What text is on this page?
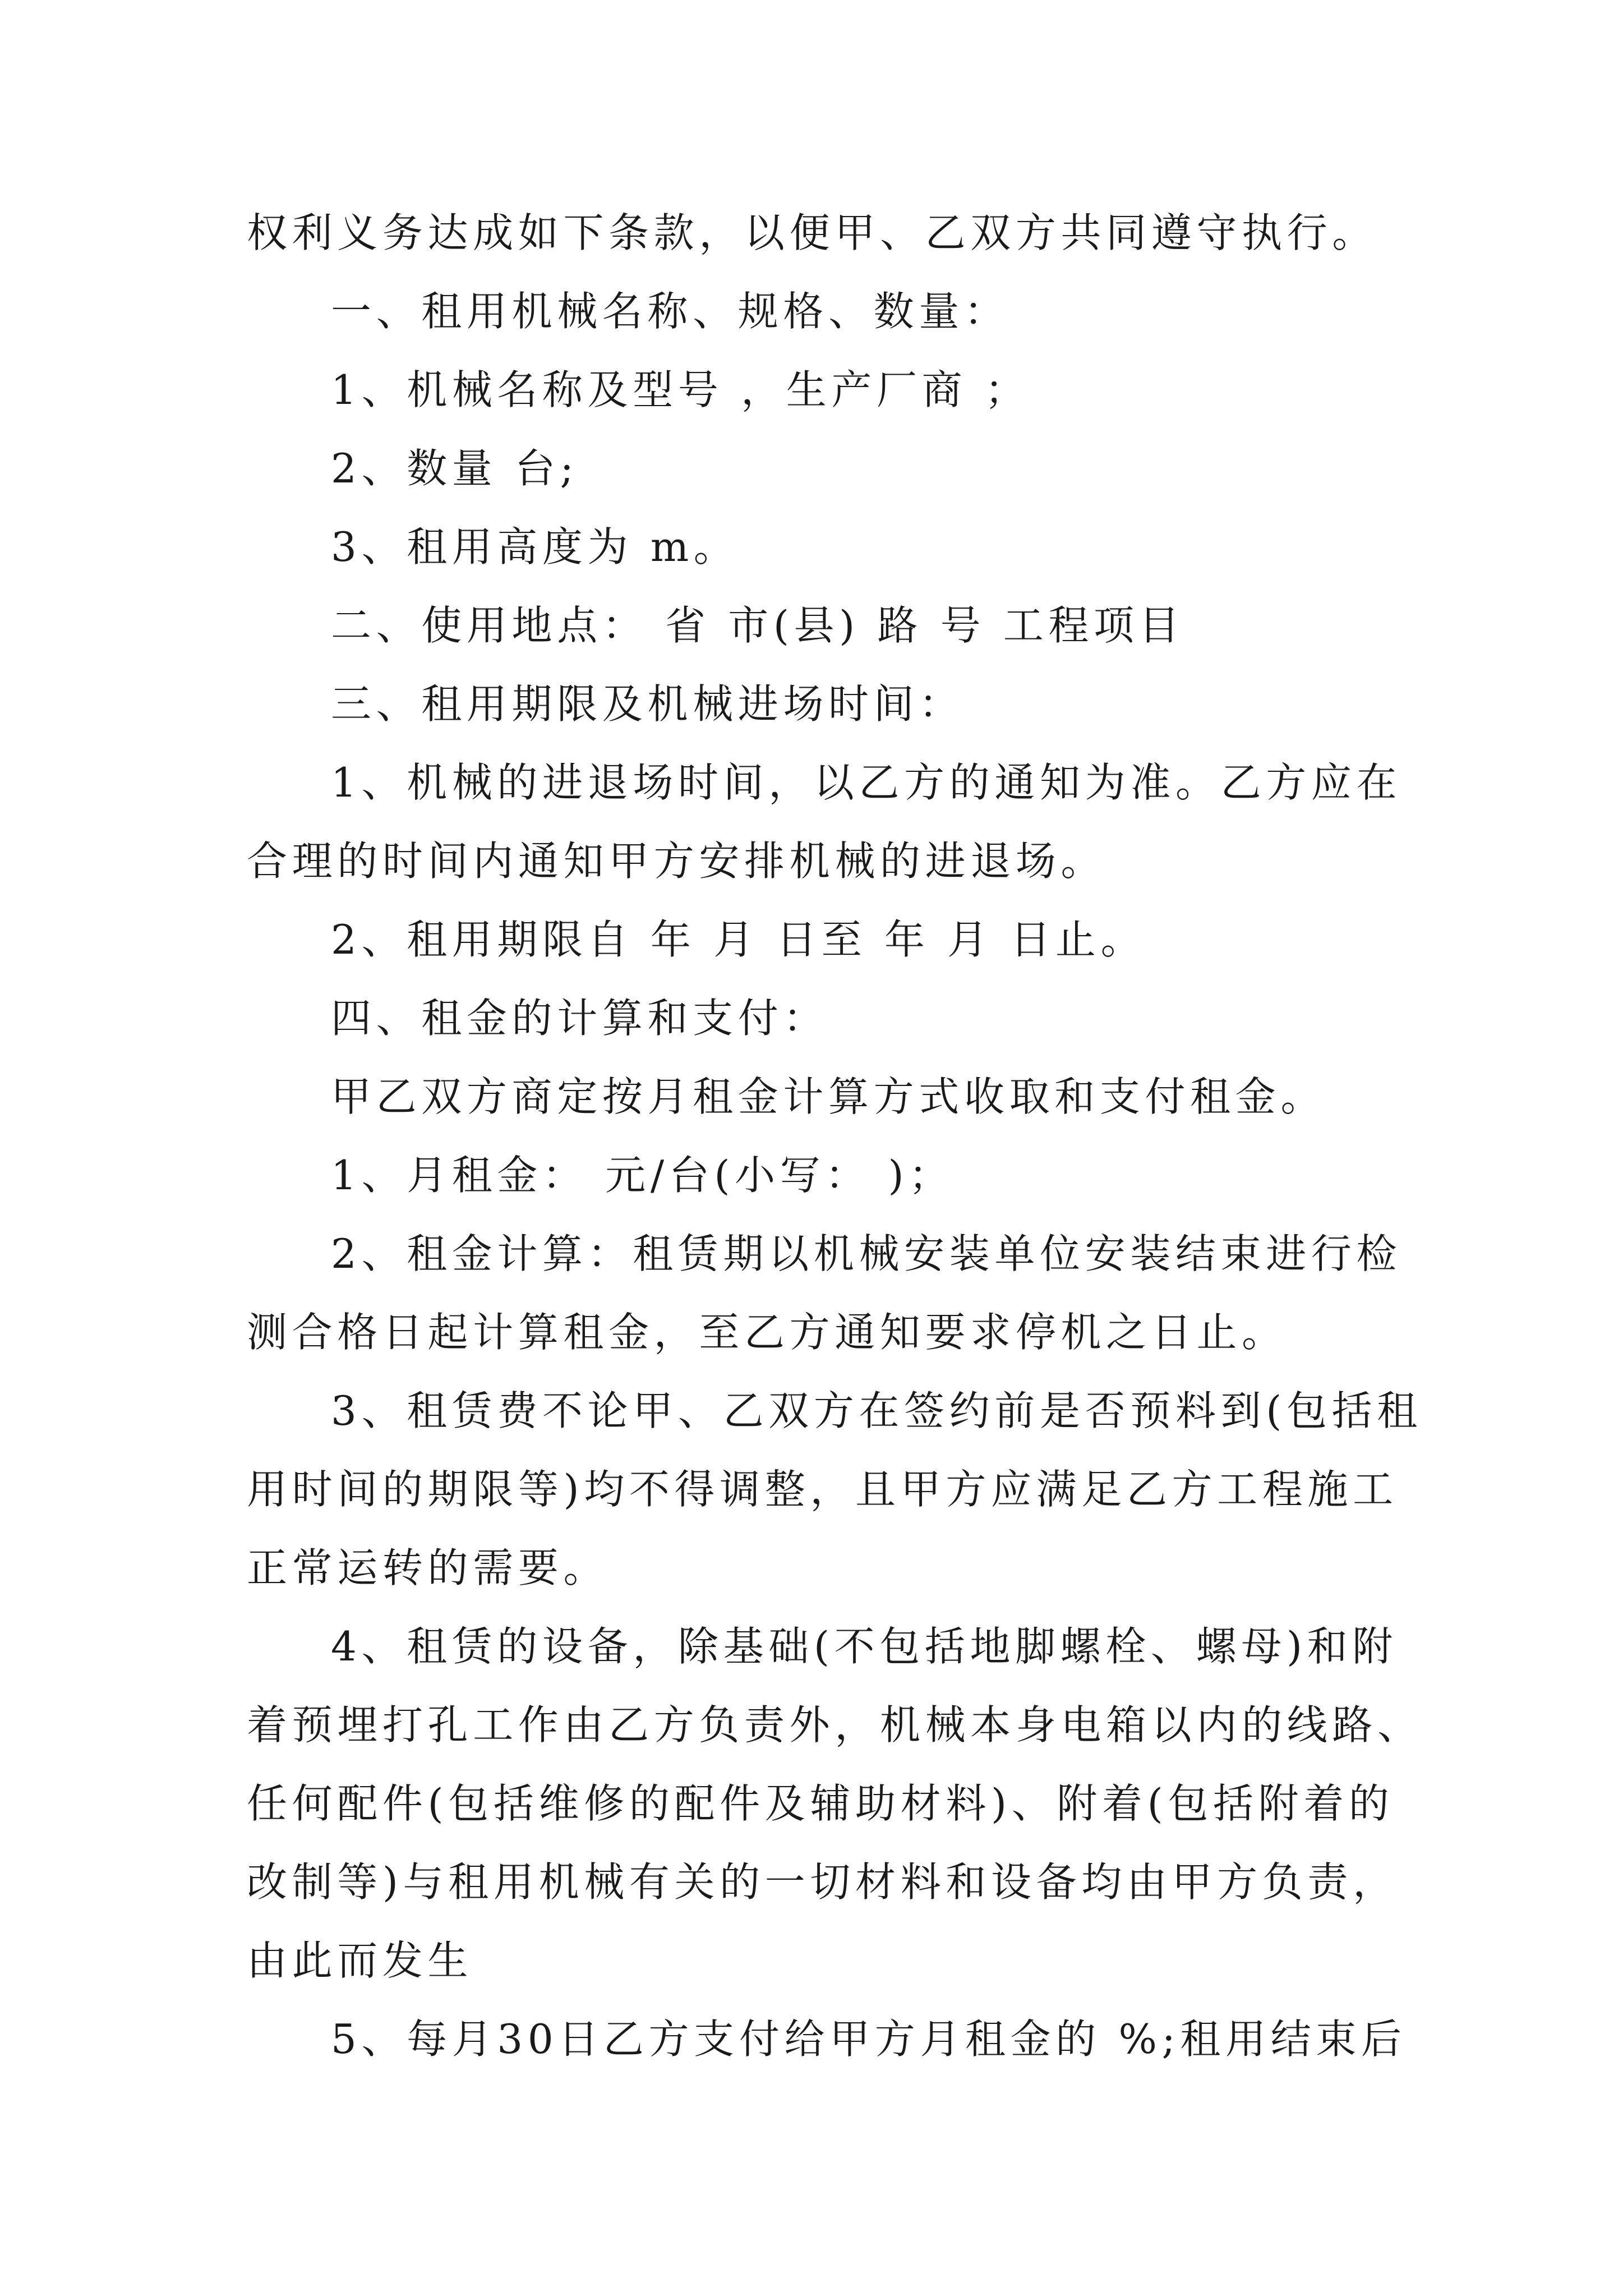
权利义务达成如下条款，以便甲、乙双方共同遵守执行。
一、租用机械名称、规格、数量：
1、机械名称及型号 ，生产厂商 ；
2、数量 台;
3、租用高度为 m。
二、使用地点： 省 市(县) 路 号 工程项目
三、租用期限及机械进场时间：
1、机械的进退场时间，以乙方的通知为准。乙方应在
合理的时间内通知甲方安排机械的进退场。
2、租用期限自 年 月 日至 年 月 日止。
四、租金的计算和支付：
甲乙双方商定按月租金计算方式收取和支付租金。
1、月租金： 元/台(小写： )；
2、租金计算：租赁期以机械安装单位安装结束进行检
测合格日起计算租金，至乙方通知要求停机之日止。
3、租赁费不论甲、乙双方在签约前是否预料到(包括租
用时间的期限等)均不得调整，且甲方应满足乙方工程施工
正常运转的需要。
4、租赁的设备，除基础(不包括地脚螺栓、螺母)和附
着预埋打孔工作由乙方负责外，机械本身电箱以内的线路、
任何配件(包括维修的配件及辅助材料)、附着(包括附着的
改制等)与租用机械有关的一切材料和设备均由甲方负责，
由此而发生
5、每月30日乙方支付给甲方月租金的 %;租用结束后
